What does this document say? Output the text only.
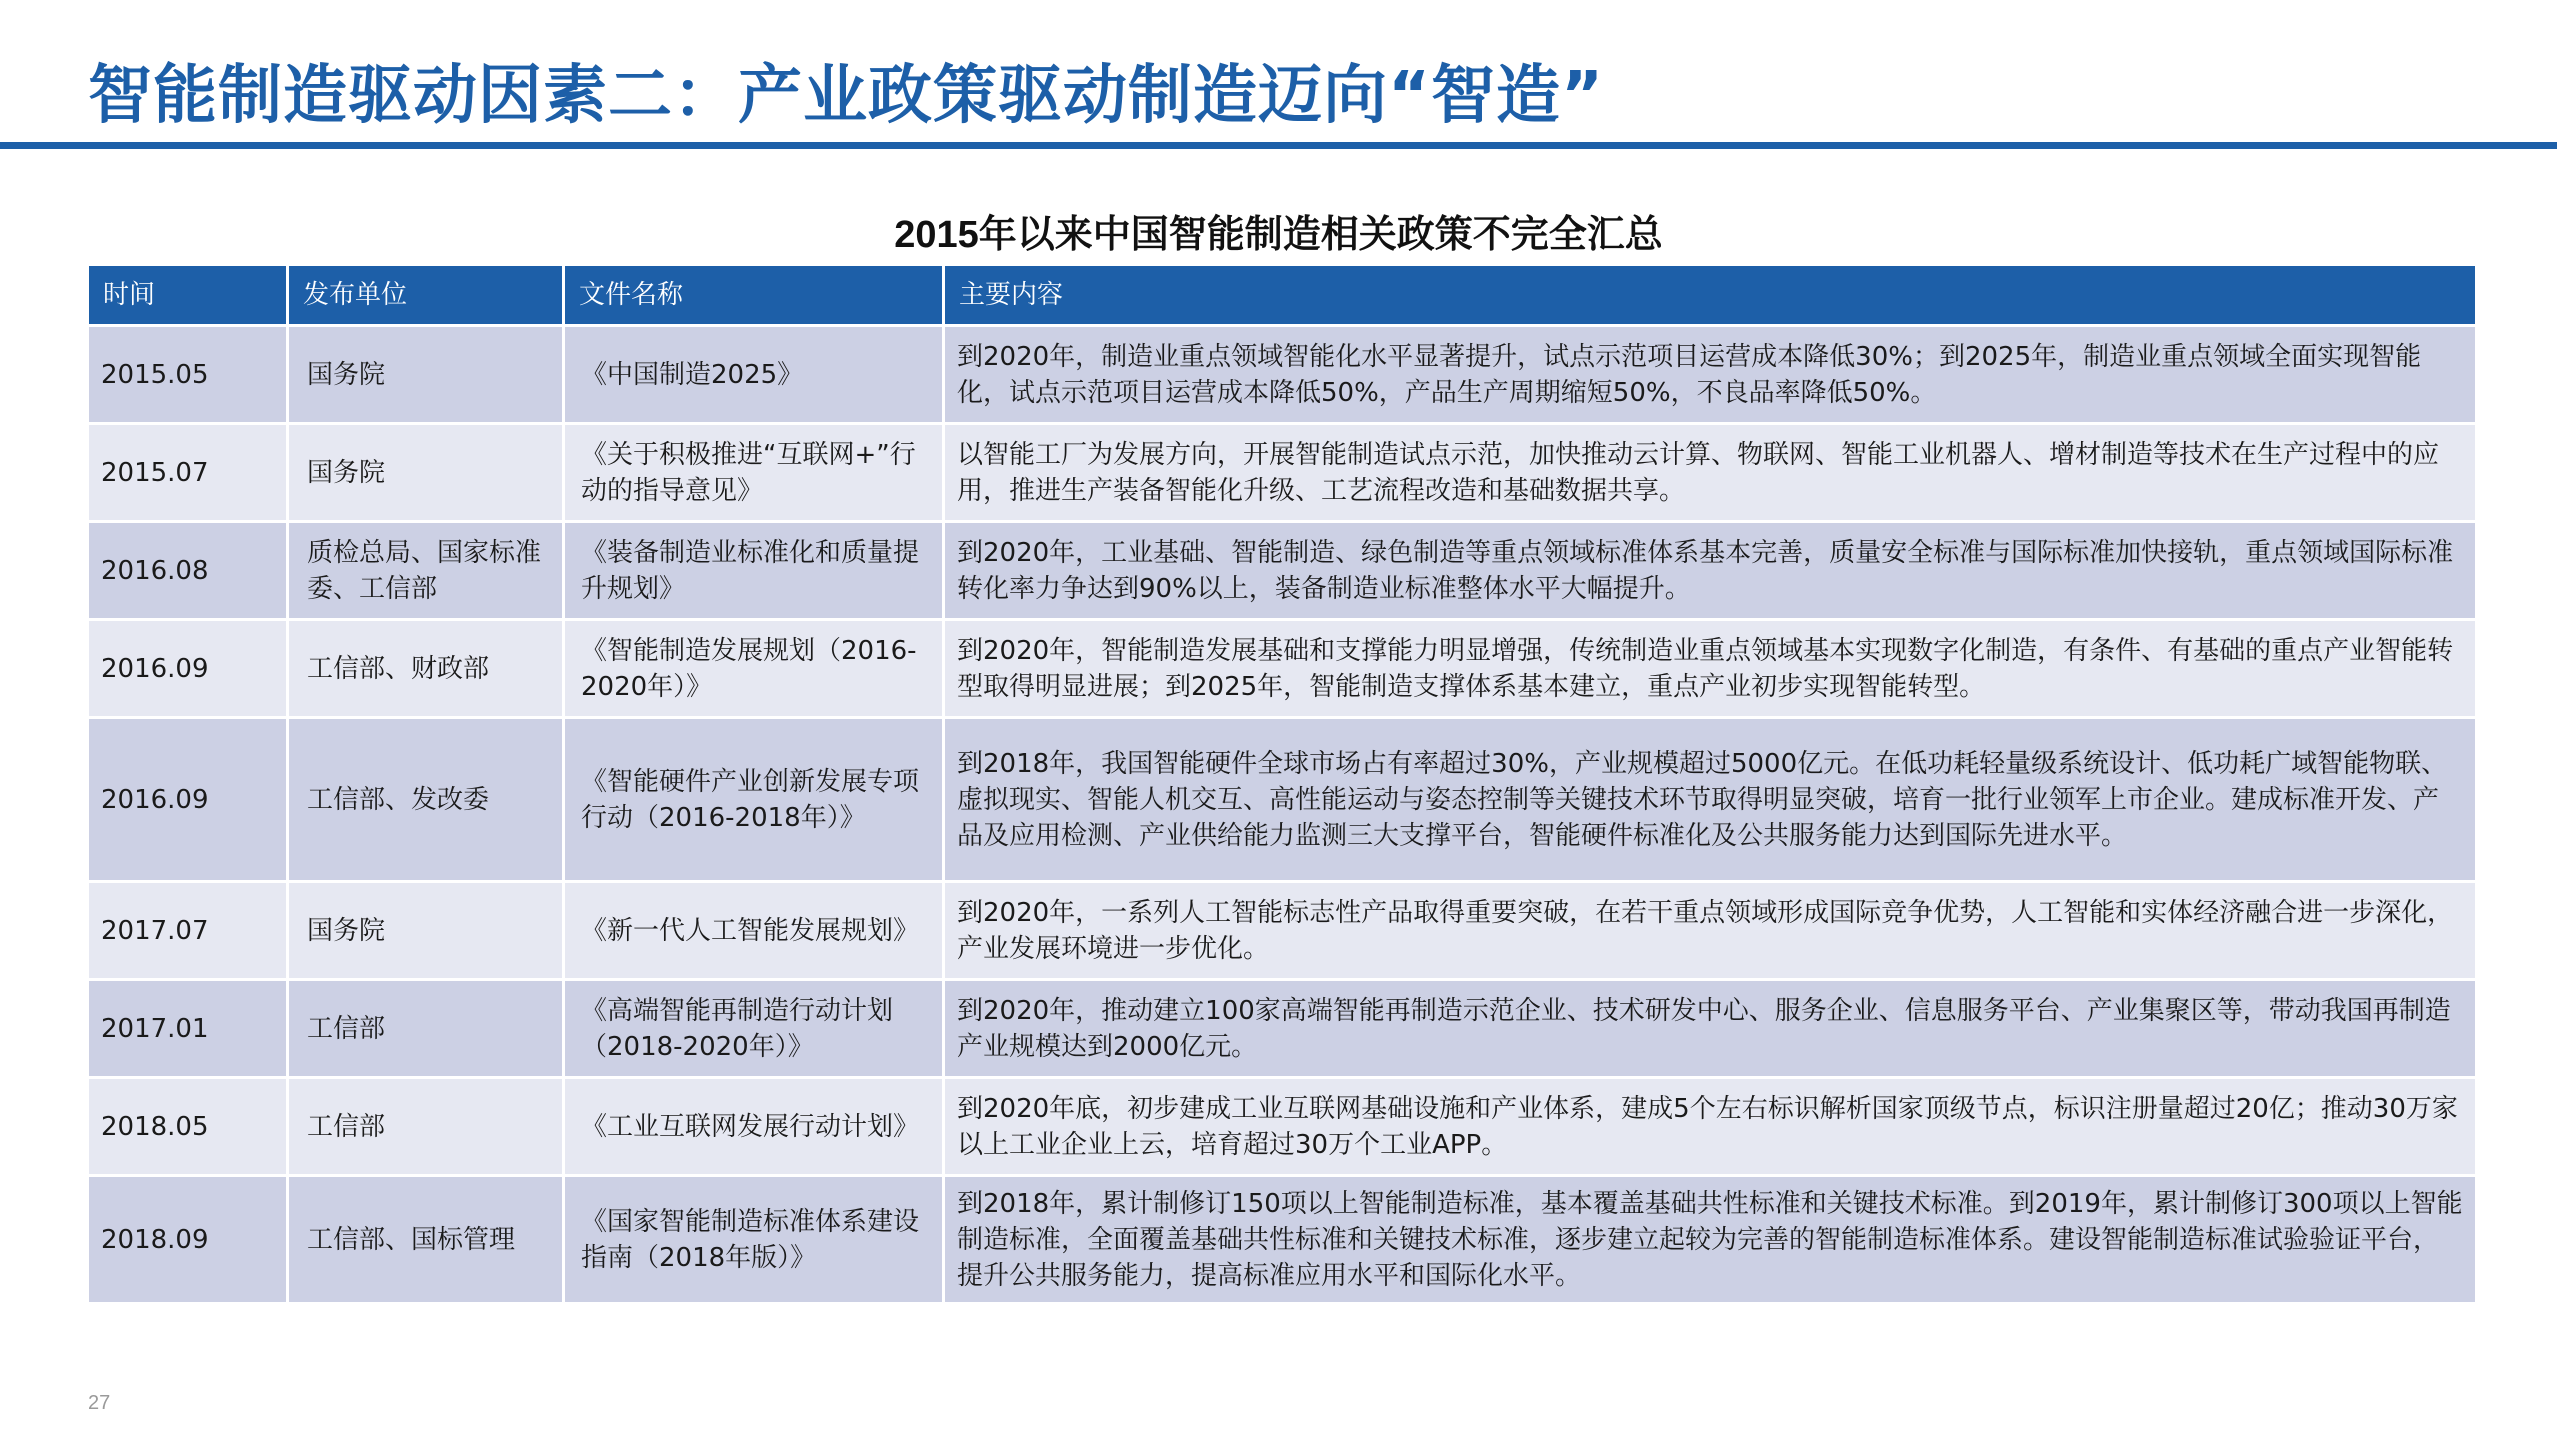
智能制造驱动因素二：产业政策驱动制造迈向“智造”
2015年以来中国智能制造相关政策不完全汇总
时间	发布单位	文件名称	主要内容
2015.05	国务院	《中国制造2025》	到2020年，制造业重点领域智能化水平显著提升，试点示范项目运营成本降低30%；到2025年，制造业重点领域全面实现智能化，试点示范项目运营成本降低50%，产品生产周期缩短50%，不良品率降低50%。
2015.07	国务院	《关于积极推进“互联网+”行动的指导意见》	以智能工厂为发展方向，开展智能制造试点示范，加快推动云计算、物联网、智能工业机器人、增材制造等技术在生产过程中的应用，推进生产装备智能化升级、工艺流程改造和基础数据共享。
2016.08	质检总局、国家标准委、工信部	《装备制造业标准化和质量提升规划》	到2020年，工业基础、智能制造、绿色制造等重点领域标准体系基本完善，质量安全标准与国际标准加快接轨，重点领域国际标准转化率力争达到90%以上，装备制造业标准整体水平大幅提升。
2016.09	工信部、财政部	《智能制造发展规划（2016-2020年）》	到2020年，智能制造发展基础和支撑能力明显增强，传统制造业重点领域基本实现数字化制造，有条件、有基础的重点产业智能转型取得明显进展；到2025年，智能制造支撑体系基本建立，重点产业初步实现智能转型。
2016.09	工信部、发改委	《智能硬件产业创新发展专项行动（2016-2018年）》	到2018年，我国智能硬件全球市场占有率超过30%，产业规模超过5000亿元。在低功耗轻量级系统设计、低功耗广域智能物联、虚拟现实、智能人机交互、高性能运动与姿态控制等关键技术环节取得明显突破，培育一批行业领军上市企业。建成标准开发、产品及应用检测、产业供给能力监测三大支撑平台，智能硬件标准化及公共服务能力达到国际先进水平。
2017.07	国务院	《新一代人工智能发展规划》	到2020年，一系列人工智能标志性产品取得重要突破，在若干重点领域形成国际竞争优势，人工智能和实体经济融合进一步深化，产业发展环境进一步优化。
2017.01	工信部	《高端智能再制造行动计划（2018-2020年）》	到2020年，推动建立100家高端智能再制造示范企业、技术研发中心、服务企业、信息服务平台、产业集聚区等，带动我国再制造产业规模达到2000亿元。
2018.05	工信部	《工业互联网发展行动计划》	到2020年底，初步建成工业互联网基础设施和产业体系，建成5个左右标识解析国家顶级节点，标识注册量超过20亿；推动30万家以上工业企业上云，培育超过30万个工业APP。
2018.09	工信部、国标管理	《国家智能制造标准体系建设指南（2018年版）》	到2018年，累计制修订150项以上智能制造标准，基本覆盖基础共性标准和关键技术标准。到2019年，累计制修订300项以上智能制造标准，全面覆盖基础共性标准和关键技术标准，逐步建立起较为完善的智能制造标准体系。建设智能制造标准试验验证平台，提升公共服务能力，提高标准应用水平和国际化水平。
27
